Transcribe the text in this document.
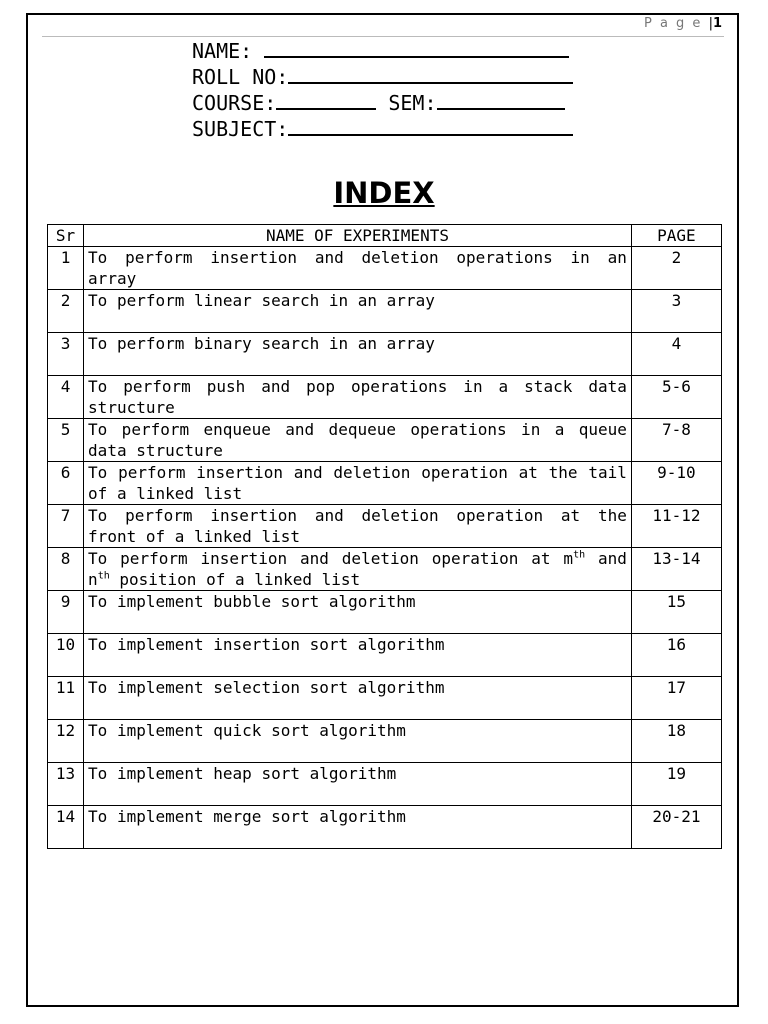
P a g e |1
NAME:
ROLL NO:
COURSE:	SEM:
SUBJECT:
INDEX
Sr	NAME OF EXPERIMENTS	PAGE
1	To perform insertion and deletion operations in an array	2
2	To perform linear search in an array	3
3	To perform binary search in an array	4
4	To perform push and pop operations in a stack data structure	5-6
5	To perform enqueue and dequeue operations in a queue data structure	7-8
6	To perform insertion and deletion operation at the tail of a linked list	9-10
7	To perform insertion and deletion operation at the front of a linked list	11-12
8	To perform insertion and deletion operation at $m^{th}$ and $n^{th}$ position of a linked list	13-14
9	To implement bubble sort algorithm	15
10	To implement insertion sort algorithm	16
11	To implement selection sort algorithm	17
12	To implement quick sort algorithm	18
13	To implement heap sort algorithm	19
14	To implement merge sort algorithm	20-21
